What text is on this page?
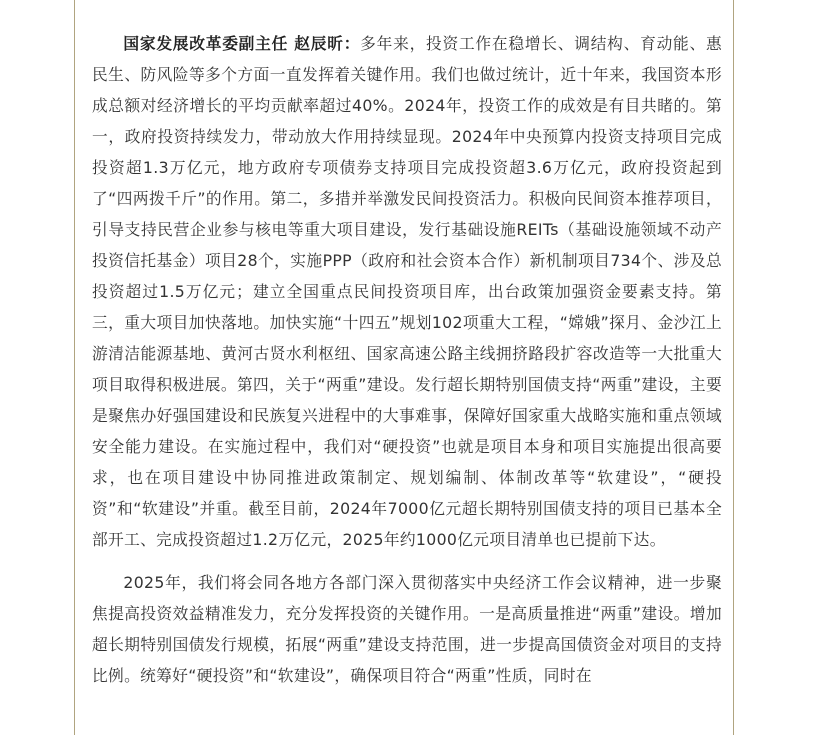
国家发展改革委副主任 赵辰昕：多年来，投资工作在稳增长、调结构、育动能、惠民生、防风险等多个方面一直发挥着关键作用。我们也做过统计，近十年来，我国资本形成总额对经济增长的平均贡献率超过40%。2024年，投资工作的成效是有目共睹的。第一，政府投资持续发力，带动放大作用持续显现。2024年中央预算内投资支持项目完成投资超1.3万亿元，地方政府专项债券支持项目完成投资超3.6万亿元，政府投资起到了“四两拨千斤”的作用。第二，多措并举激发民间投资活力。积极向民间资本推荐项目，引导支持民营企业参与核电等重大项目建设，发行基础设施REITs（基础设施领域不动产投资信托基金）项目28个，实施PPP（政府和社会资本合作）新机制项目734个、涉及总投资超过1.5万亿元；建立全国重点民间投资项目库，出台政策加强资金要素支持。第三，重大项目加快落地。加快实施“十四五”规划102项重大工程，“嫦娥”探月、金沙江上游清洁能源基地、黄河古贤水利枢纽、国家高速公路主线拥挤路段扩容改造等一大批重大项目取得积极进展。第四，关于“两重”建设。发行超长期特别国债支持“两重”建设，主要是聚焦办好强国建设和民族复兴进程中的大事难事，保障好国家重大战略实施和重点领域安全能力建设。在实施过程中，我们对“硬投资”也就是项目本身和项目实施提出很高要求，也在项目建设中协同推进政策制定、规划编制、体制改革等“软建设”，“硬投资”和“软建设”并重。截至目前，2024年7000亿元超长期特别国债支持的项目已基本全部开工、完成投资超过1.2万亿元，2025年约1000亿元项目清单也已提前下达。

2025年，我们将会同各地方各部门深入贯彻落实中央经济工作会议精神，进一步聚焦提高投资效益精准发力，充分发挥投资的关键作用。一是高质量推进“两重”建设。增加超长期特别国债发行规模，拓展“两重”建设支持范围，进一步提高国债资金对项目的支持比例。统筹好“硬投资”和“软建设”，确保项目符合“两重”性质，同时在
